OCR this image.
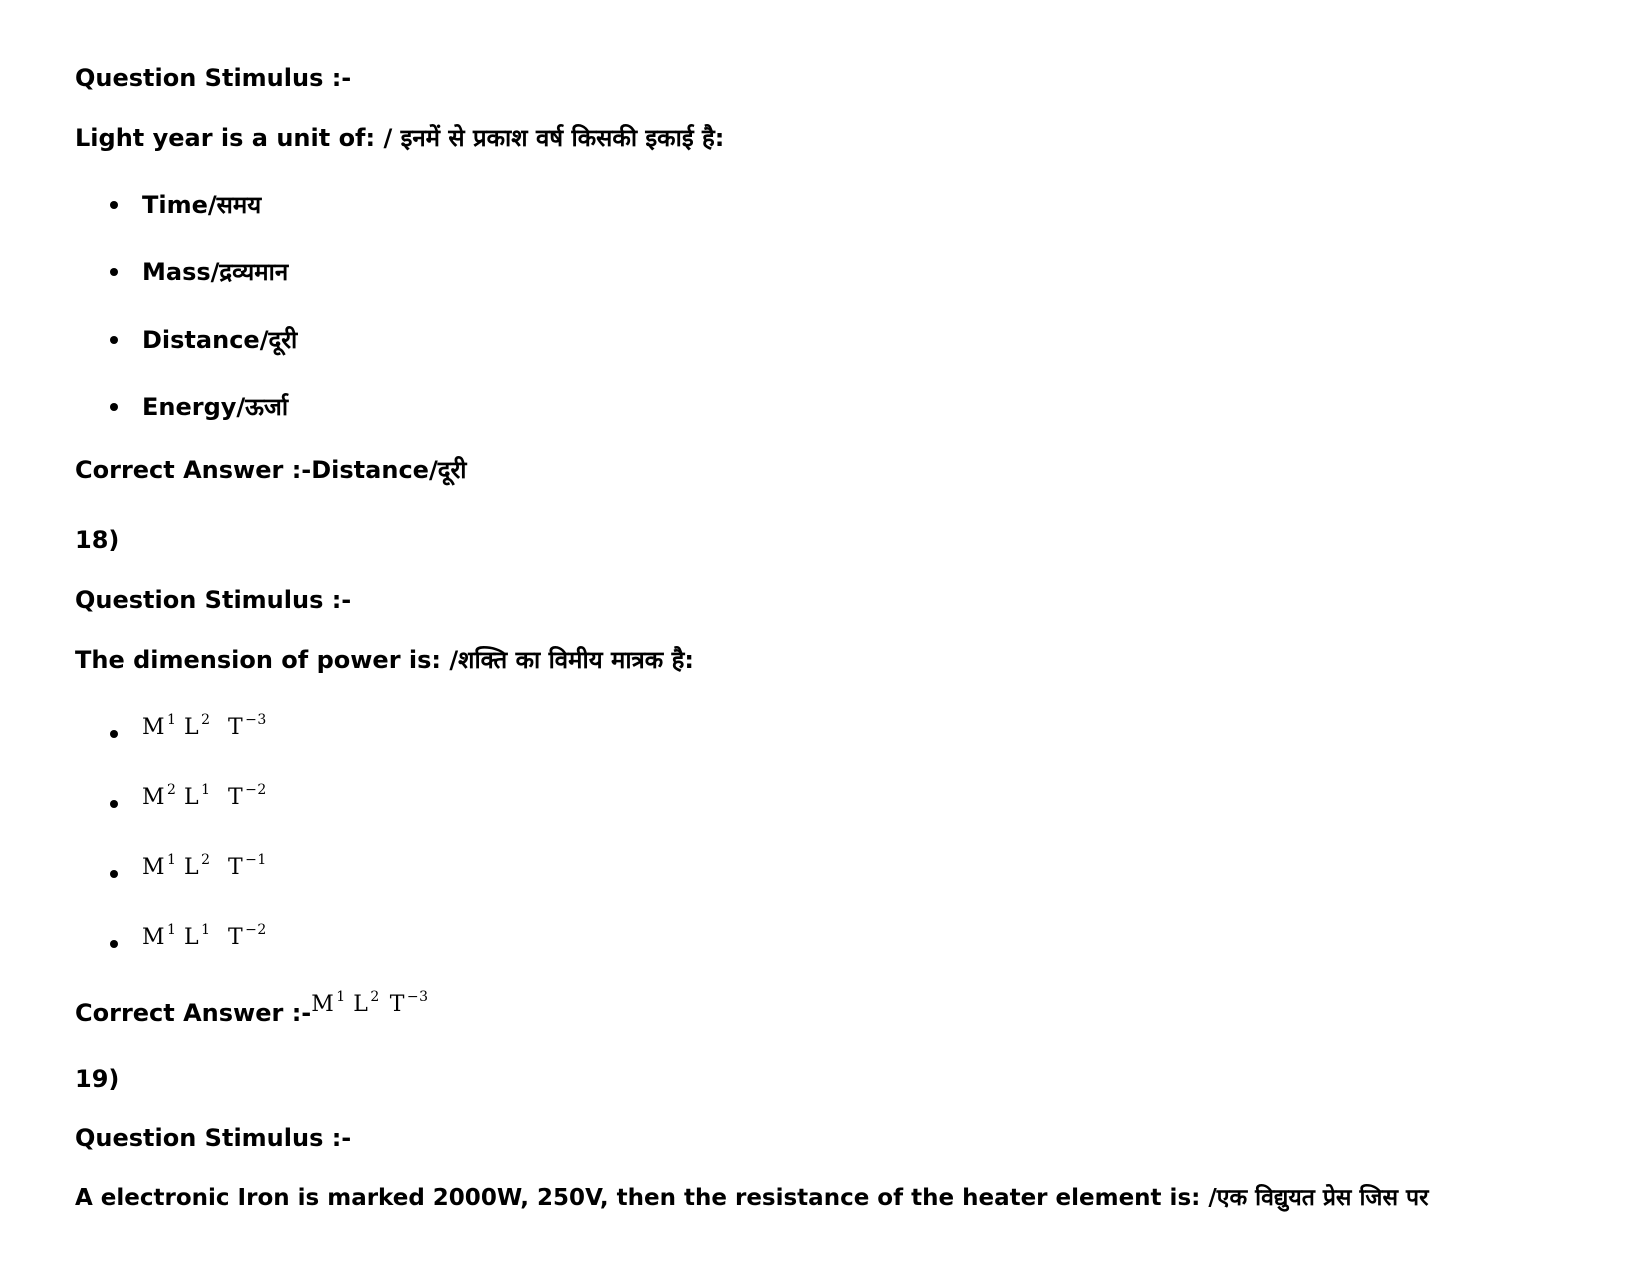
Question Stimulus :-
Light year is a unit of: / इनमें से प्रकाश वर्ष किसकी इकाई है:
Time/समय
Mass/द्रव्यमान
Distance/दूरी
Energy/ऊर्जा
Correct Answer :-Distance/दूरी
18)
Question Stimulus :-
The dimension of power is: /शक्ति का विमीय मात्रक है:
M $^1$ L $^2$ T $^{-3}$
M $^2$ L $^1$ T $^{-2}$
M $^1$ L $^2$ T $^{-1}$
M $^1$ L $^1$ T $^{-2}$
Correct Answer :-M $^1$ L $^2$ T $^{-3}$
19)
Question Stimulus :-
A electronic Iron is marked 2000W, 250V, then the resistance of the heater element is: /एक विद्युयत प्रेस जिस पर
